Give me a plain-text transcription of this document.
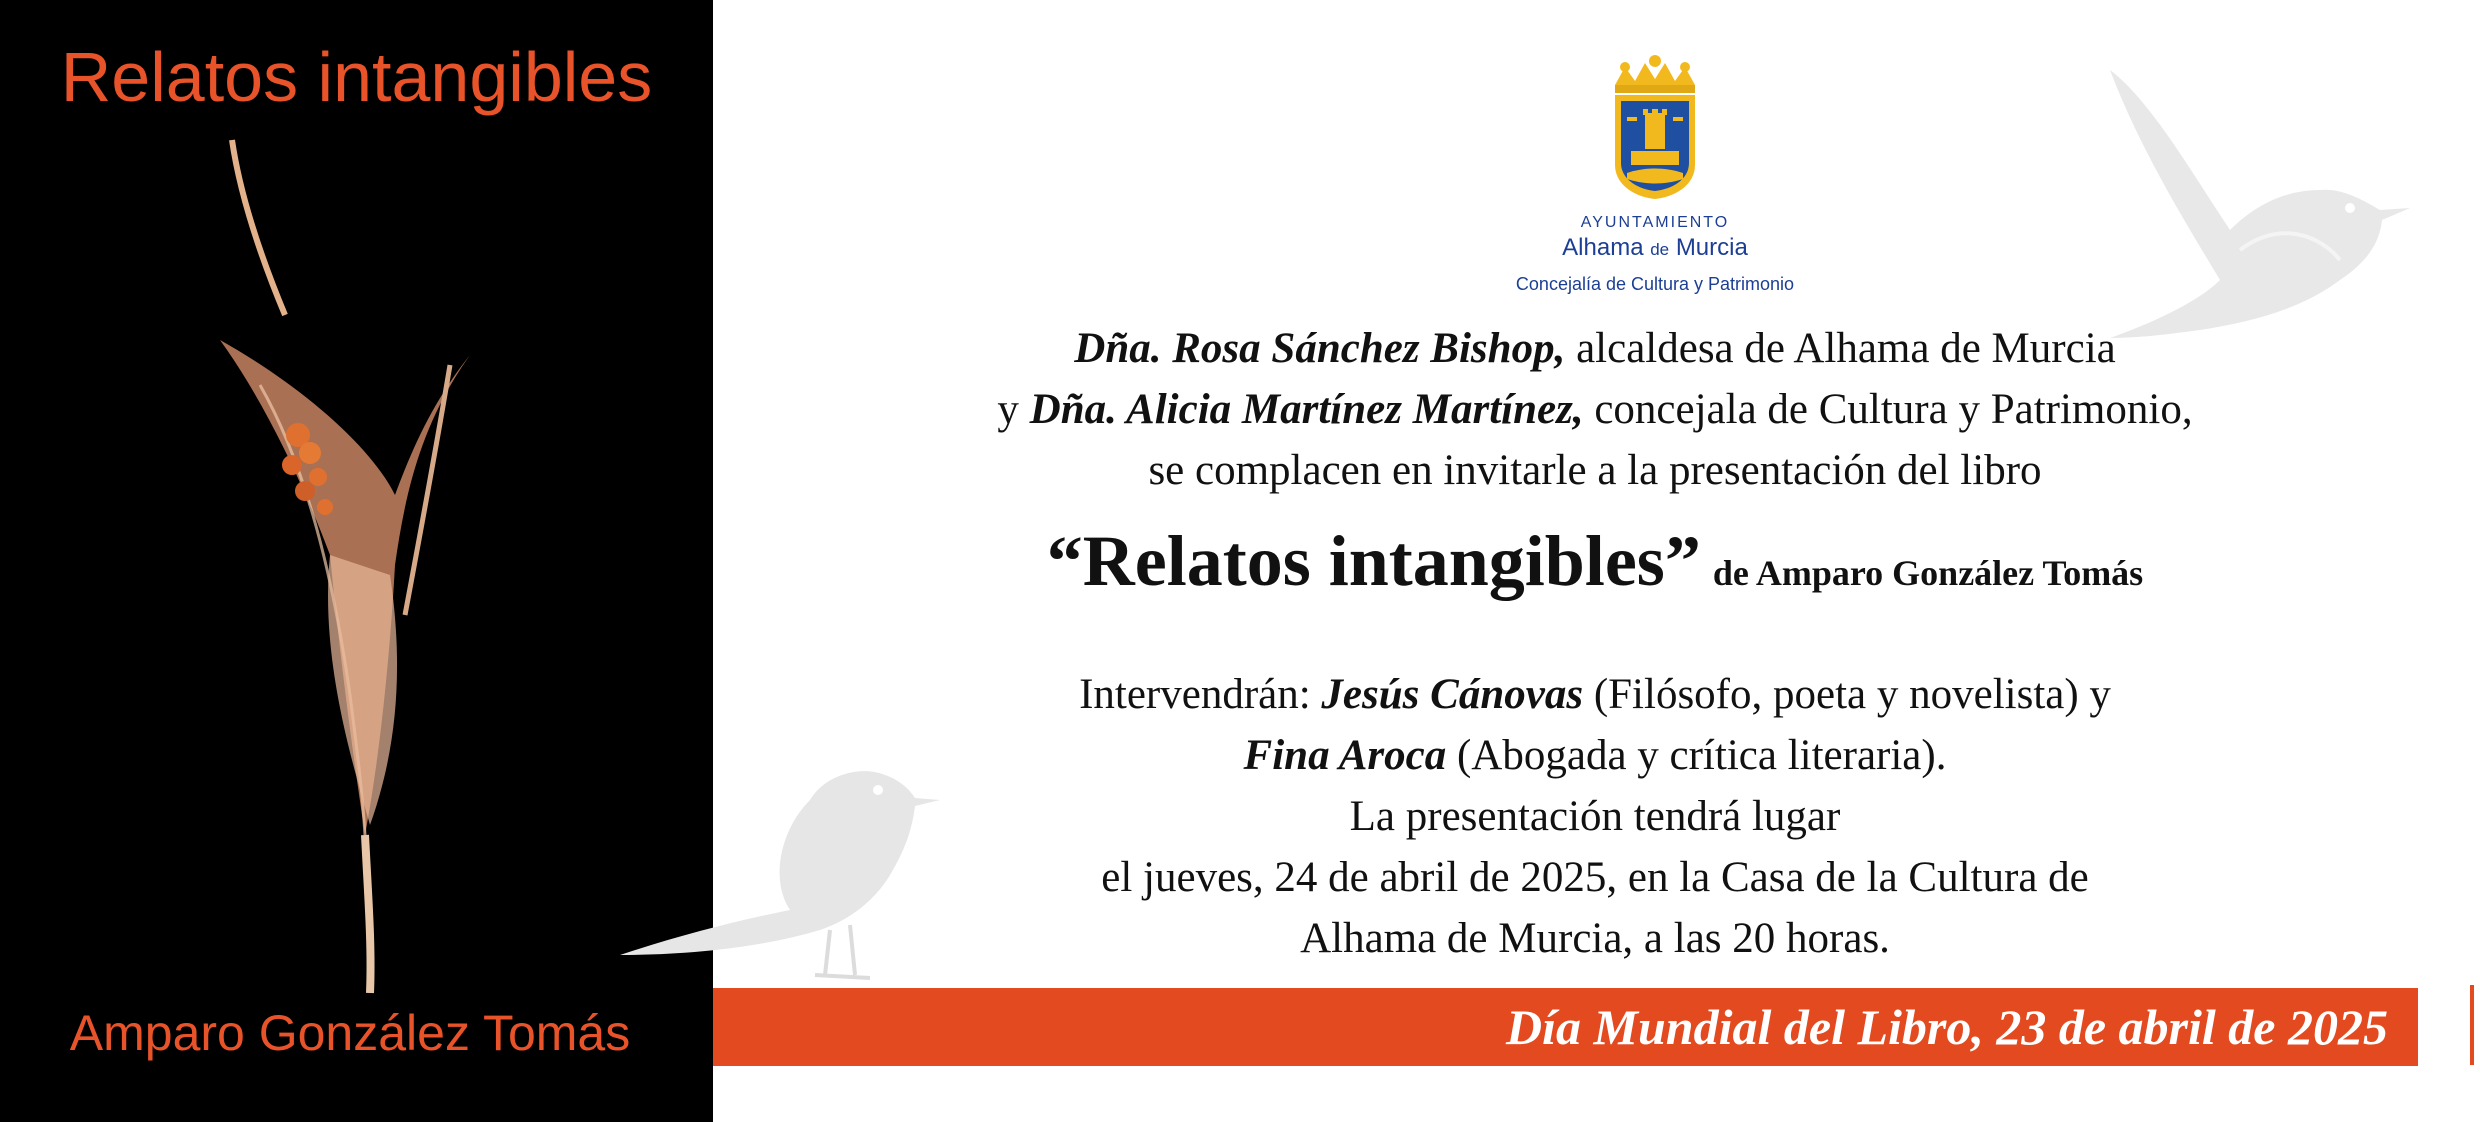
Relatos intangibles
Amparo González Tomás
AYUNTAMIENTO
Alhama de Murcia
Concejalía de Cultura y Patrimonio
Dña. Rosa Sánchez Bishop, alcaldesa de Alhama de Murcia
y Dña. Alicia Martínez Martínez, concejala de Cultura y Patrimonio,
se complacen en invitarle a la presentación del libro
“Relatos intangibles” de Amparo González Tomás
Intervendrán: Jesús Cánovas (Filósofo, poeta y novelista) y
Fina Aroca (Abogada y crítica literaria).
La presentación tendrá lugar
el jueves, 24 de abril de 2025, en la Casa de la Cultura de
Alhama de Murcia, a las 20 horas.
Día Mundial del Libro, 23 de abril de 2025
